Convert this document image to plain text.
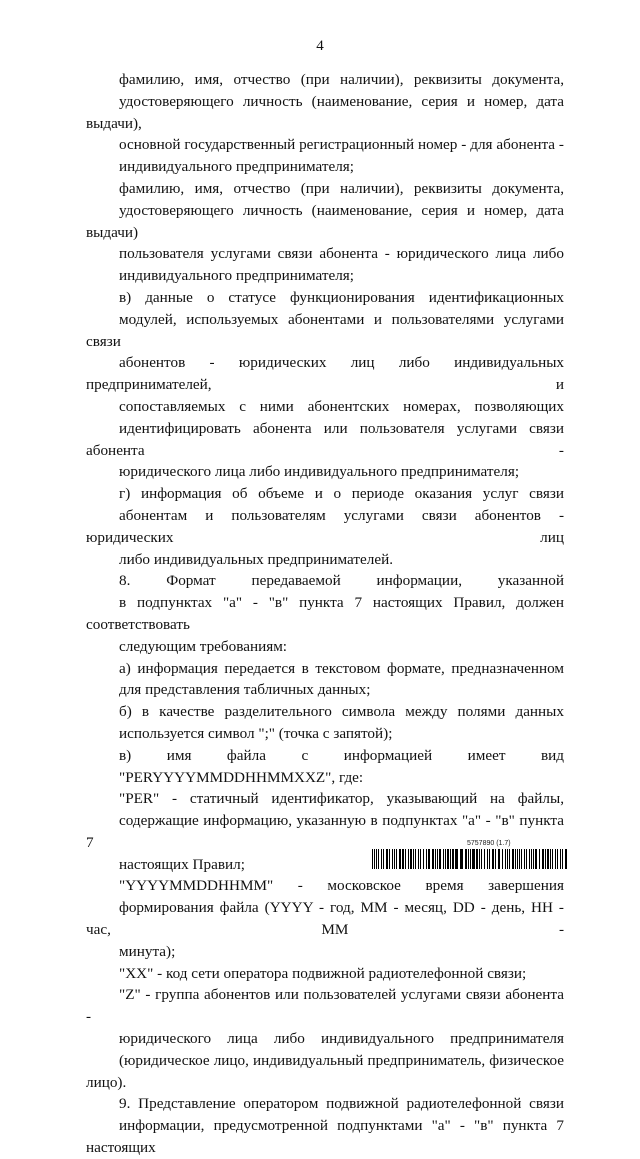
4
фамилию, имя, отчество (при наличии), реквизиты документа,
удостоверяющего личность (наименование, серия и номер, дата выдачи),
основной государственный регистрационный номер - для абонента -
индивидуального предпринимателя;
фамилию, имя, отчество (при наличии), реквизиты документа,
удостоверяющего личность (наименование, серия и номер, дата выдачи)
пользователя услугами связи абонента - юридического лица либо
индивидуального предпринимателя;
в) данные о статусе функционирования идентификационных
модулей, используемых абонентами и пользователями услугами связи
абонентов - юридических лиц либо индивидуальных предпринимателей, и
сопоставляемых с ними абонентских номерах, позволяющих
идентифицировать абонента или пользователя услугами связи абонента -
юридического лица либо индивидуального предпринимателя;
г) информация об объеме и о периоде оказания услуг связи
абонентам и пользователям услугами связи абонентов - юридических лиц
либо индивидуальных предпринимателей.
8. Формат передаваемой информации, указанной
в подпунктах "а" - "в" пункта 7 настоящих Правил, должен соответствовать
следующим требованиям:
а) информация передается в текстовом формате, предназначенном
для представления табличных данных;
б) в качестве разделительного символа между полями данных
используется символ ";" (точка с запятой);
в) имя файла с информацией имеет вид
"PERYYYYMMDDHHMMXXZ", где:
"PER" - статичный идентификатор, указывающий на файлы,
содержащие информацию, указанную в подпунктах "а" - "в" пункта 7
настоящих Правил;
"YYYYMMDDHHMM" - московское время завершения
формирования файла (YYYY - год, MM - месяц, DD - день, HH - час, MM -
минута);
"XX" - код сети оператора подвижной радиотелефонной связи;
"Z" - группа абонентов или пользователей услугами связи абонента -
юридического лица либо индивидуального предпринимателя
(юридическое лицо, индивидуальный предприниматель, физическое лицо).
9. Представление оператором подвижной радиотелефонной связи
информации, предусмотренной подпунктами "а" - "в" пункта 7 настоящих
5757890 (1.7)
